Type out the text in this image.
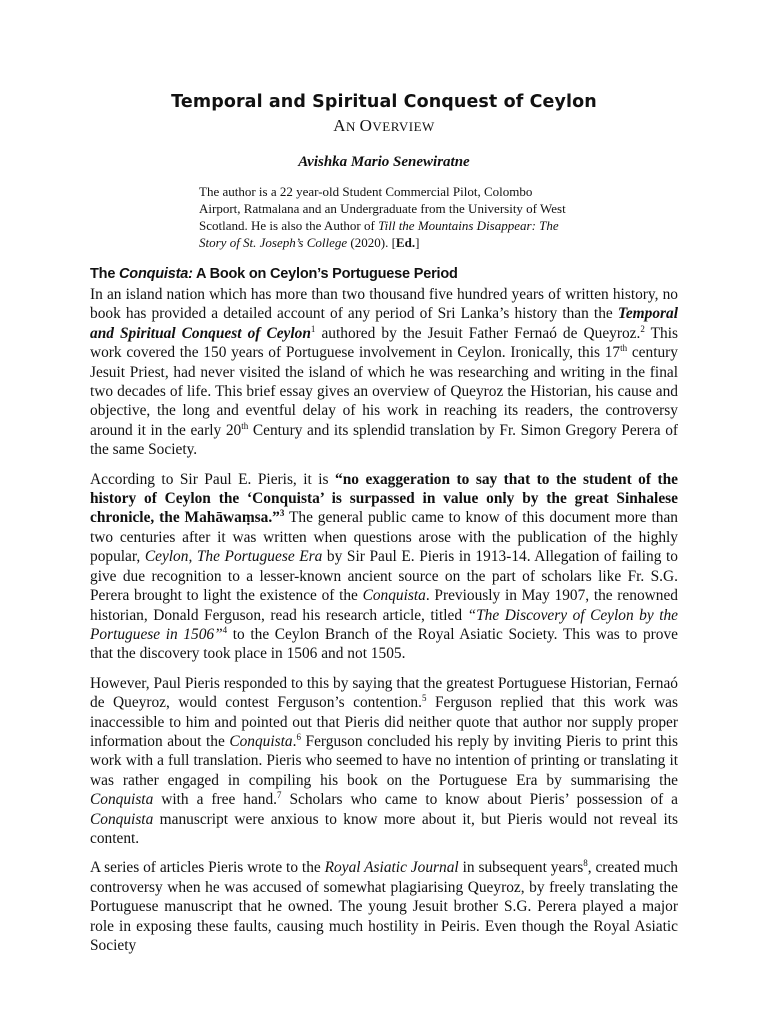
Temporal and Spiritual Conquest of Ceylon
AN OVERVIEW
Avishka Mario Senewiratne
The author is a 22 year-old Student Commercial Pilot, Colombo Airport, Ratmalana and an Undergraduate from the University of West Scotland. He is also the Author of Till the Mountains Disappear: The Story of St. Joseph’s College (2020). [Ed.]
The Conquista: A Book on Ceylon’s Portuguese Period

In an island nation which has more than two thousand five hundred years of written history, no book has provided a detailed account of any period of Sri Lanka’s history than the Temporal and Spiritual Conquest of Ceylon$^1$ authored by the Jesuit Father Fernaó de Queyroz.$^2$ This work covered the 150 years of Portuguese involvement in Ceylon. Ironically, this 17th century Jesuit Priest, had never visited the island of which he was researching and writing in the final two decades of life. This brief essay gives an overview of Queyroz the Historian, his cause and objective, the long and eventful delay of his work in reaching its readers, the controversy around it in the early 20th Century and its splendid translation by Fr. Simon Gregory Perera of the same Society.

According to Sir Paul E. Pieris, it is “no exaggeration to say that to the student of the history of Ceylon the ‘Conquista’ is surpassed in value only by the great Sinhalese chronicle, the Mahāwaṃsa.”$^3$ The general public came to know of this document more than two centuries after it was written when questions arose with the publication of the highly popular, Ceylon, The Portuguese Era by Sir Paul E. Pieris in 1913-14. Allegation of failing to give due recognition to a lesser-known ancient source on the part of scholars like Fr. S.G. Perera brought to light the existence of the Conquista. Previously in May 1907, the renowned historian, Donald Ferguson, read his research article, titled “The Discovery of Ceylon by the Portuguese in 1506”$^4$ to the Ceylon Branch of the Royal Asiatic Society. This was to prove that the discovery took place in 1506 and not 1505.

However, Paul Pieris responded to this by saying that the greatest Portuguese Historian, Fernaó de Queyroz, would contest Ferguson’s contention.$^5$ Ferguson replied that this work was inaccessible to him and pointed out that Pieris did neither quote that author nor supply proper information about the Conquista.$^6$ Ferguson concluded his reply by inviting Pieris to print this work with a full translation. Pieris who seemed to have no intention of printing or translating it was rather engaged in compiling his book on the Portuguese Era by summarising the Conquista with a free hand.$^7$ Scholars who came to know about Pieris’ possession of a Conquista manuscript were anxious to know more about it, but Pieris would not reveal its content.

A series of articles Pieris wrote to the Royal Asiatic Journal in subsequent years$^8$, created much controversy when he was accused of somewhat plagiarising Queyroz, by freely translating the Portuguese manuscript that he owned. The young Jesuit brother S.G. Perera played a major role in exposing these faults, causing much hostility in Peiris. Even though the Royal Asiatic Society
